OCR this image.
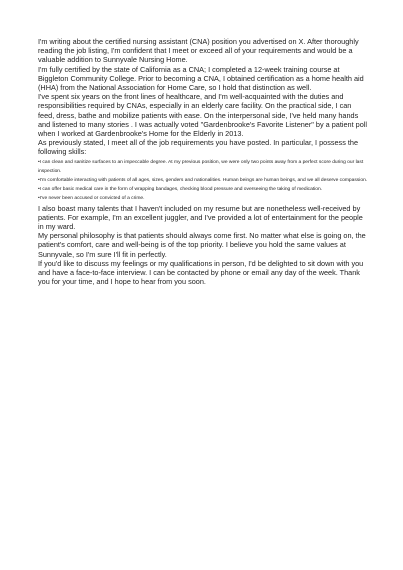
I'm writing about the certified nursing assistant (CNA) position you advertised on X. After thoroughly reading the job listing, I'm confident that I meet or exceed all of your requirements and would be a valuable addition to Sunnyvale Nursing Home.

I'm fully certified by the state of California as a CNA; I completed a 12-week training course at Biggleton Community College. Prior to becoming a CNA, I obtained certification as a home health aid (HHA) from the National Association for Home Care, so I hold that distinction as well.

I've spent six years on the front lines of healthcare, and I'm well-acquainted with the duties and responsibilities required by CNAs, especially in an elderly care facility. On the practical side, I can feed, dress, bathe and mobilize patients with ease. On the interpersonal side, I've held many hands and listened to many stories . I was actually voted "Gardenbrooke's Favorite Listener" by a patient poll when I worked at Gardenbrooke's Home for the Elderly in 2013.

As previously stated, I meet all of the job requirements you have posted. In particular, I possess the following skills:

•I can clean and sanitize surfaces to an impeccable degree. At my previous position, we were only two points away from a perfect score during our last inspection.
•I'm comfortable interacting with patients of all ages, sizes, genders and nationalities. Human beings are human beings, and we all deserve compassion.
•I can offer basic medical care in the form of wrapping bandages, checking blood pressure and overseeing the taking of medication.
•I've never been accused or convicted of a crime.

I also boast many talents that I haven't included on my resume but are nonetheless well-received by patients. For example, I'm an excellent juggler, and I've provided a lot of entertainment for the people in my ward.

My personal philosophy is that patients should always come first. No matter what else is going on, the patient's comfort, care and well-being is of the top priority. I believe you hold the same values at Sunnyvale, so I'm sure I'll fit in perfectly.

If you'd like to discuss my feelings or my qualifications in person, I'd be delighted to sit down with you and have a face-to-face interview. I can be contacted by phone or email any day of the week. Thank you for your time, and I hope to hear from you soon.
